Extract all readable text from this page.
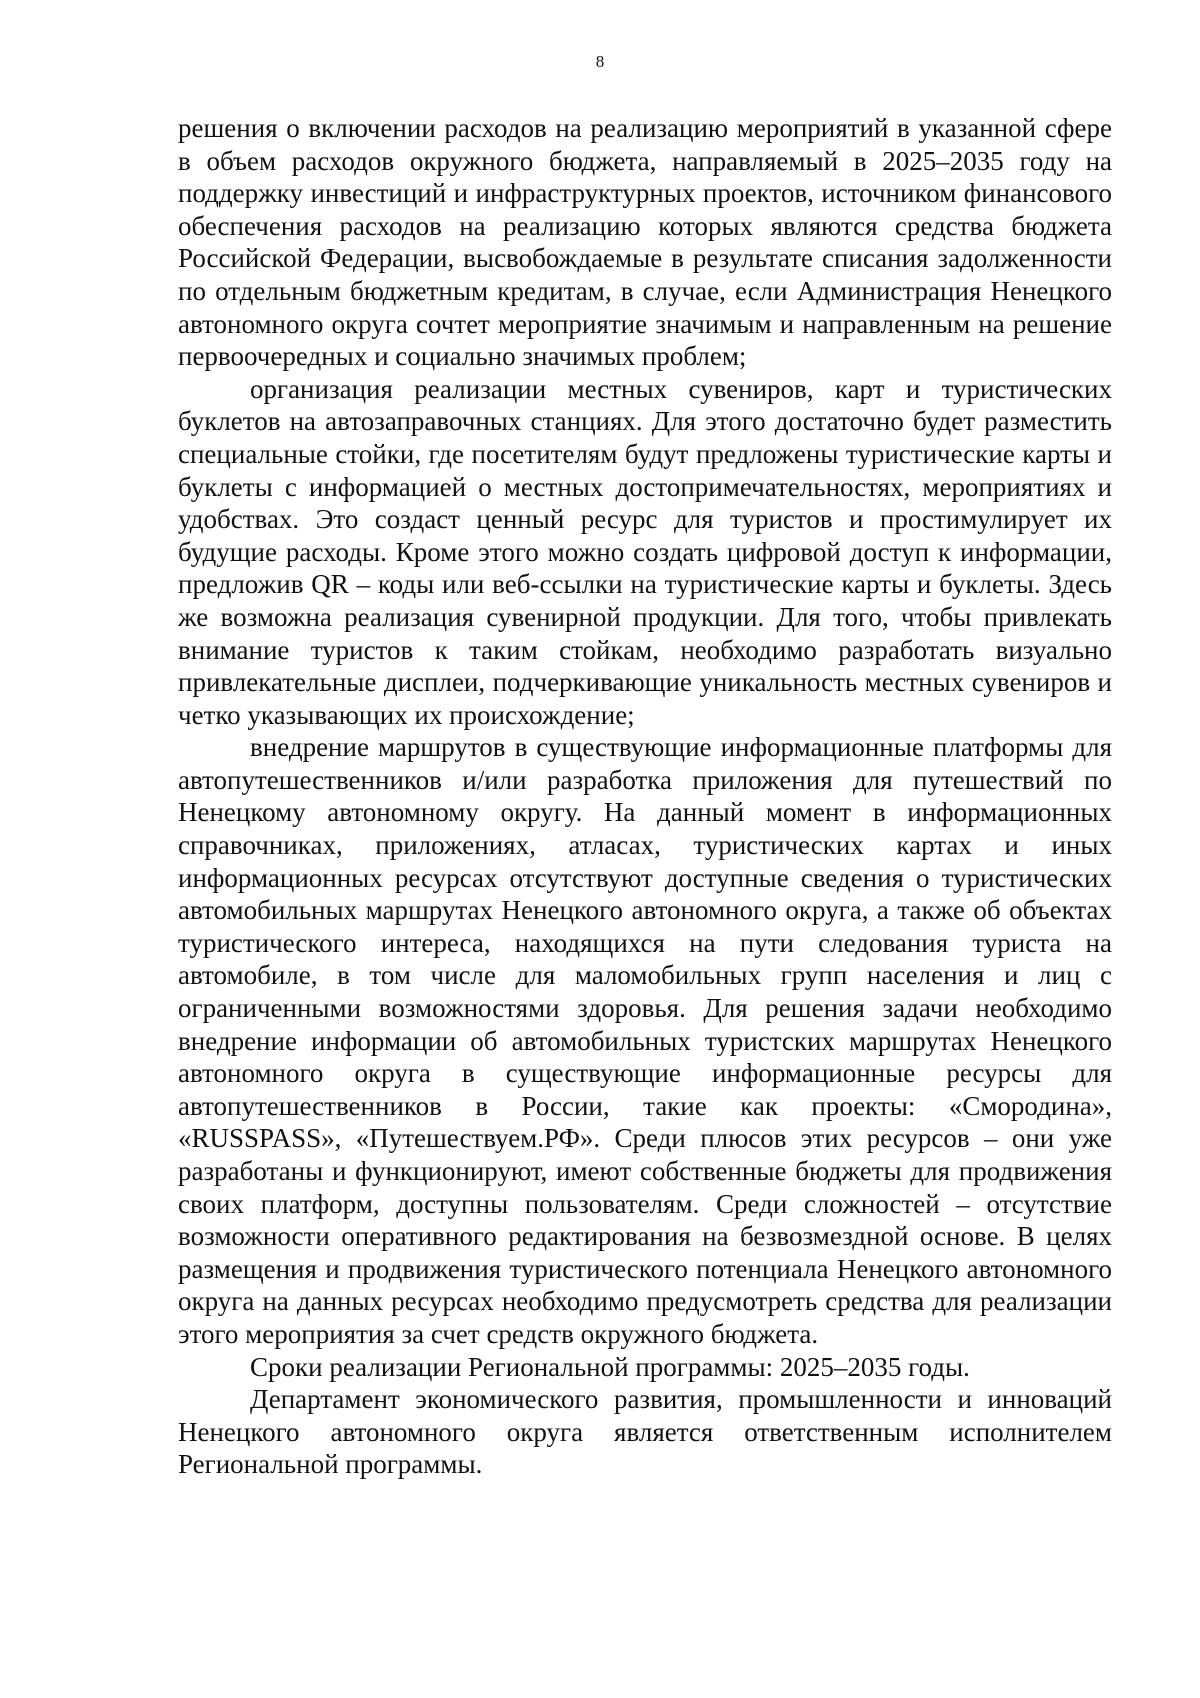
8

решения о включении расходов на реализацию мероприятий в указанной сфере в объем расходов окружного бюджета, направляемый в 2025–2035 году на поддержку инвестиций и инфраструктурных проектов, источником финансового обеспечения расходов на реализацию которых являются средства бюджета Российской Федерации, высвобождаемые в результате списания задолженности по отдельным бюджетным кредитам, в случае, если Администрация Ненецкого автономного округа сочтет мероприятие значимым и направленным на решение первоочередных и социально значимых проблем;

организация реализации местных сувениров, карт и туристических буклетов на автозаправочных станциях. Для этого достаточно будет разместить специальные стойки, где посетителям будут предложены туристические карты и буклеты с информацией о местных достопримечательностях, мероприятиях и удобствах. Это создаст ценный ресурс для туристов и простимулирует их будущие расходы. Кроме этого можно создать цифровой доступ к информации, предложив QR – коды или веб-ссылки на туристические карты и буклеты. Здесь же возможна реализация сувенирной продукции. Для того, чтобы привлекать внимание туристов к таким стойкам, необходимо разработать визуально привлекательные дисплеи, подчеркивающие уникальность местных сувениров и четко указывающих их происхождение;

внедрение маршрутов в существующие информационные платформы для автопутешественников и/или разработка приложения для путешествий по Ненецкому автономному округу. На данный момент в информационных справочниках, приложениях, атласах, туристических картах и иных информационных ресурсах отсутствуют доступные сведения о туристических автомобильных маршрутах Ненецкого автономного округа, а также об объектах туристического интереса, находящихся на пути следования туриста на автомобиле, в том числе для маломобильных групп населения и лиц с ограниченными возможностями здоровья. Для решения задачи необходимо внедрение информации об автомобильных туристских маршрутах Ненецкого автономного округа в существующие информационные ресурсы для автопутешественников в России, такие как проекты: «Смородина», «RUSSPASS», «Путешествуем.РФ». Среди плюсов этих ресурсов – они уже разработаны и функционируют, имеют собственные бюджеты для продвижения своих платформ, доступны пользователям. Среди сложностей – отсутствие возможности оперативного редактирования на безвозмездной основе. В целях размещения и продвижения туристического потенциала Ненецкого автономного округа на данных ресурсах необходимо предусмотреть средства для реализации этого мероприятия за счет средств окружного бюджета.

Сроки реализации Региональной программы: 2025–2035 годы.

Департамент экономического развития, промышленности и инноваций Ненецкого автономного округа является ответственным исполнителем Региональной программы.
